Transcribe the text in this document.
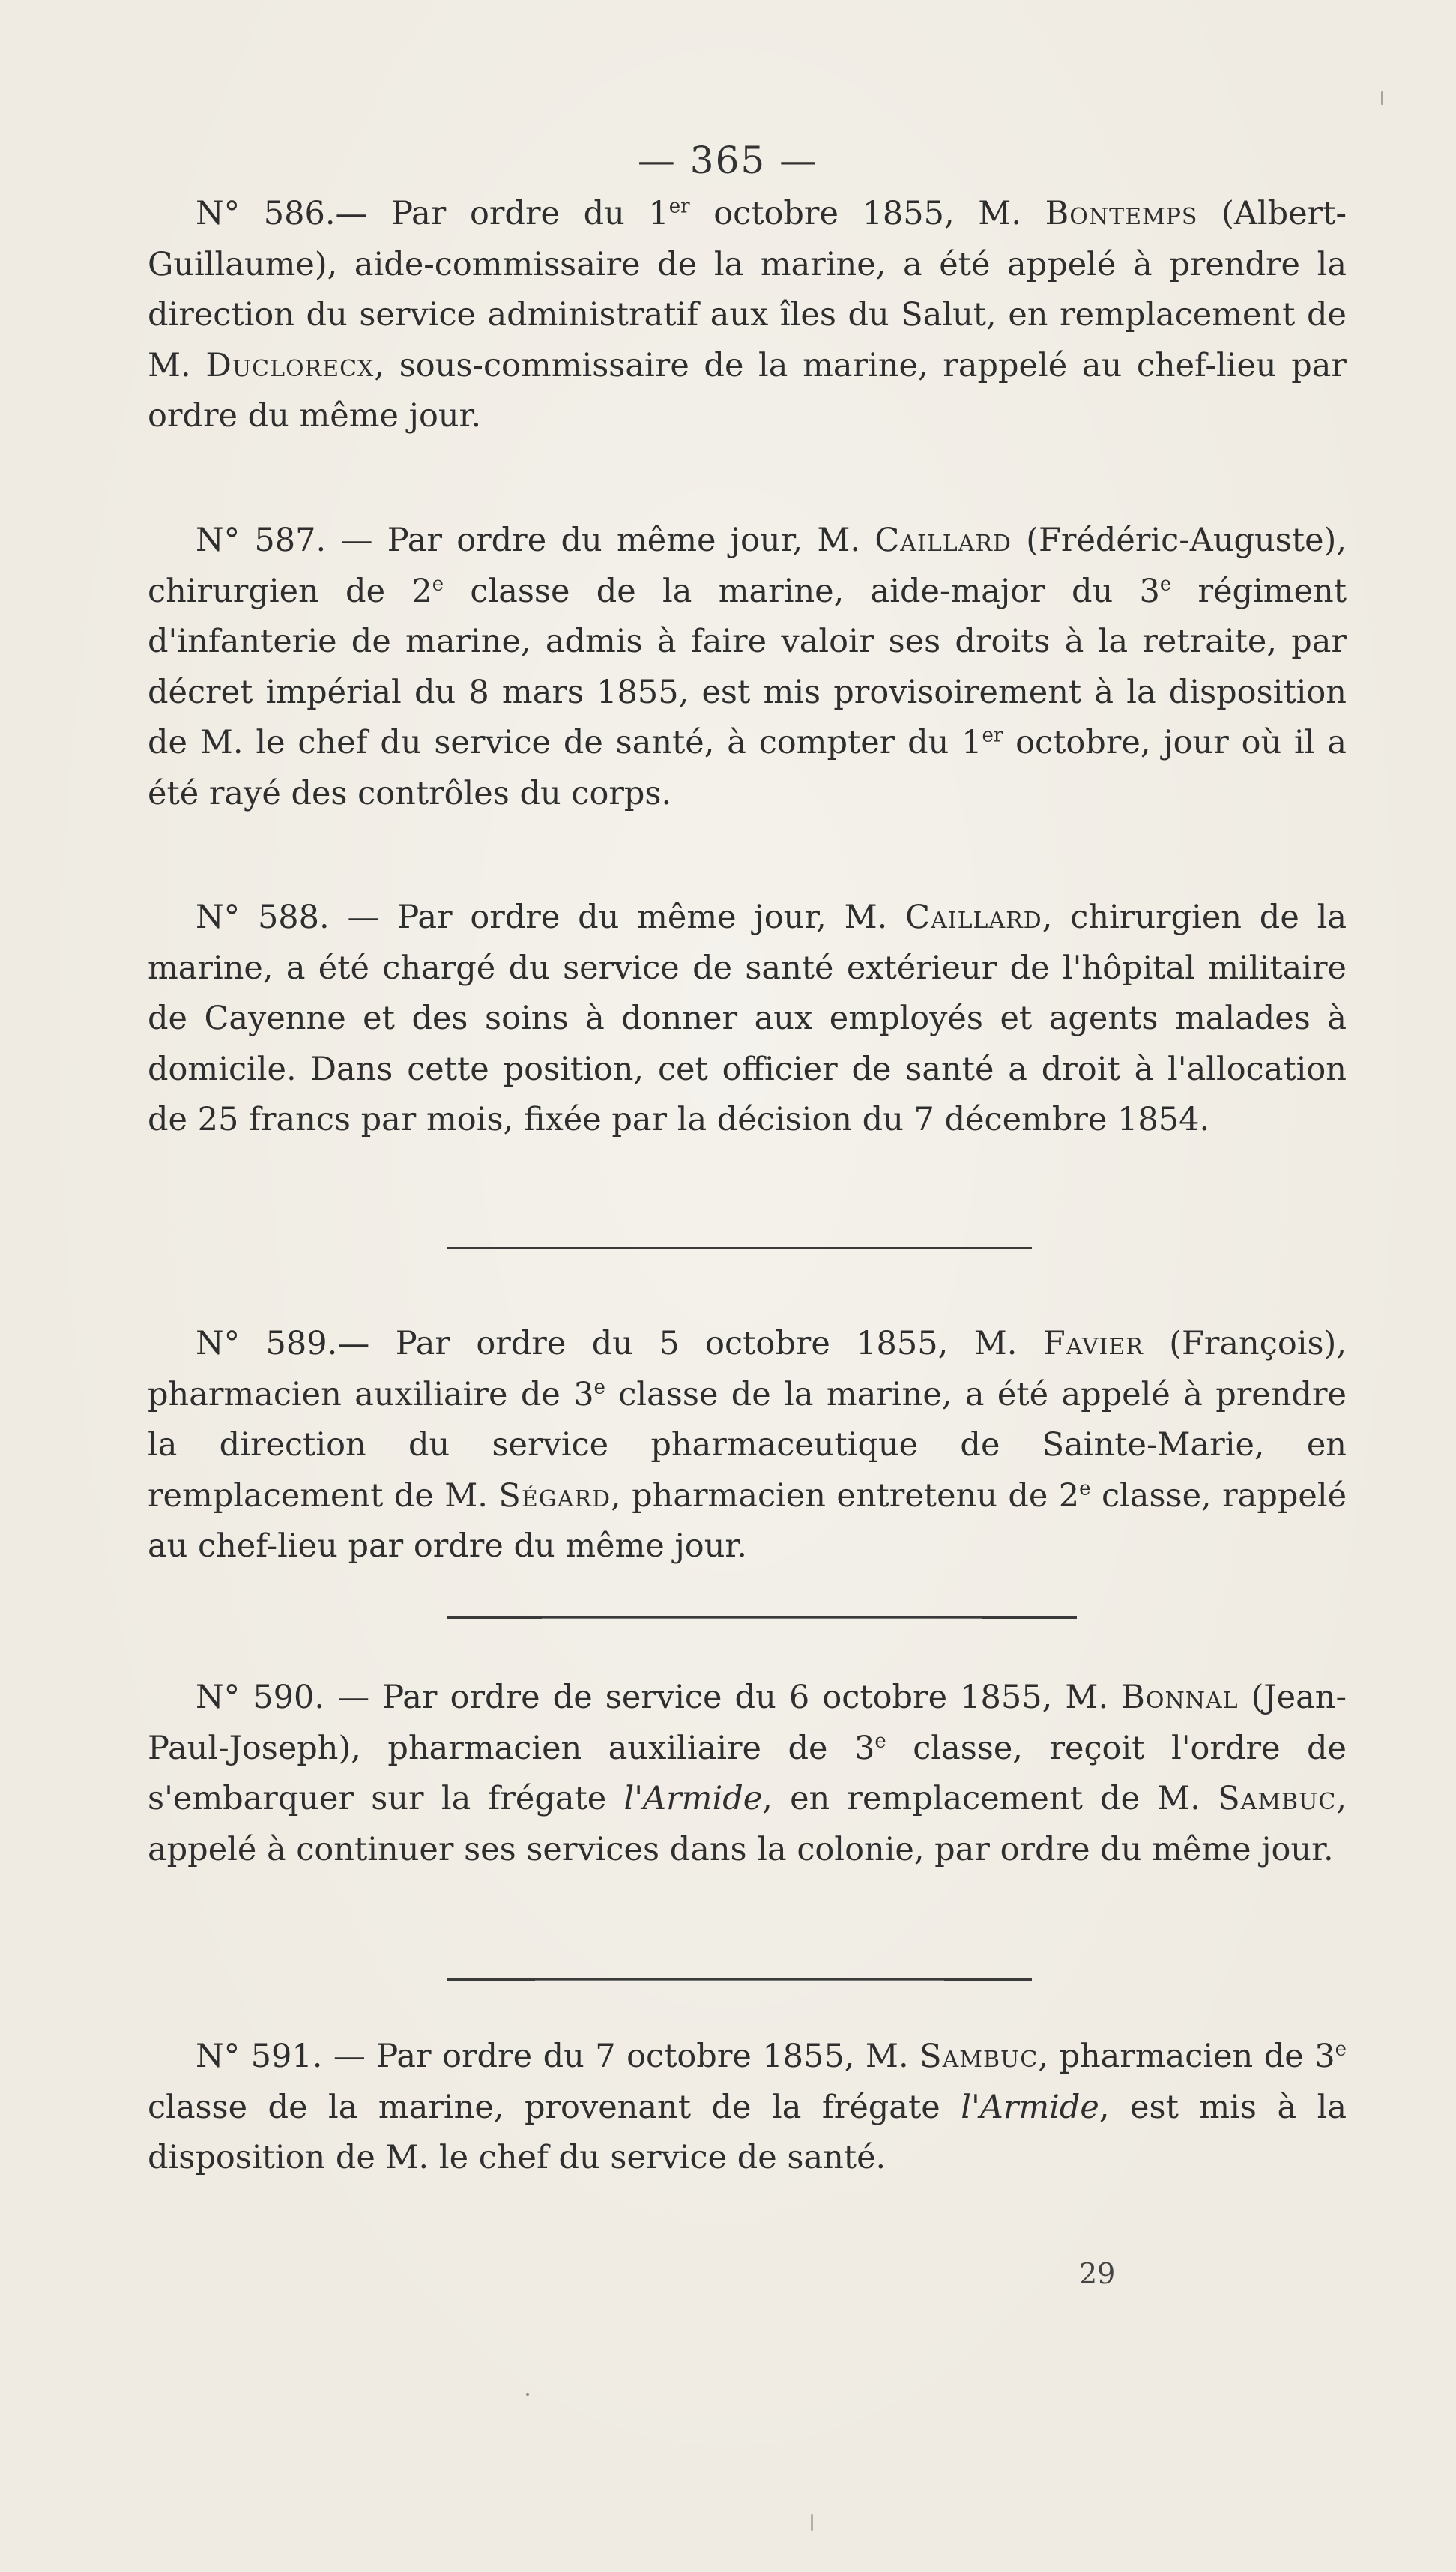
— 365 —

N° 586.— Par ordre du 1er octobre 1855, M. Bontemps (Albert-Guillaume), aide-commissaire de la marine, a été appelé à prendre la direction du service administratif aux îles du Salut, en remplacement de M. Duclorecx, sous-commissaire de la marine, rappelé au chef-lieu par ordre du même jour.

N° 587. — Par ordre du même jour, M. Caillard (Frédéric-Auguste), chirurgien de 2e classe de la marine, aide-major du 3e régiment d'infanterie de marine, admis à faire valoir ses droits à la retraite, par décret impérial du 8 mars 1855, est mis provisoirement à la disposition de M. le chef du service de santé, à compter du 1er octobre, jour où il a été rayé des contrôles du corps.

N° 588. — Par ordre du même jour, M. Caillard, chirurgien de la marine, a été chargé du service de santé extérieur de l'hôpital militaire de Cayenne et des soins à donner aux employés et agents malades à domicile. Dans cette position, cet officier de santé a droit à l'allocation de 25 francs par mois, fixée par la décision du 7 décembre 1854.

N° 589.— Par ordre du 5 octobre 1855, M. Favier (François), pharmacien auxiliaire de 3e classe de la marine, a été appelé à prendre la direction du service pharmaceutique de Sainte-Marie, en remplacement de M. Ségard, pharmacien entretenu de 2e classe, rappelé au chef-lieu par ordre du même jour.

N° 590. — Par ordre de service du 6 octobre 1855, M. Bonnal (Jean-Paul-Joseph), pharmacien auxiliaire de 3e classe, reçoit l'ordre de s'embarquer sur la frégate l'Armide, en remplacement de M. Sambuc, appelé à continuer ses services dans la colonie, par ordre du même jour.

N° 591. — Par ordre du 7 octobre 1855, M. Sambuc, pharmacien de 3e classe de la marine, provenant de la frégate l'Armide, est mis à la disposition de M. le chef du service de santé.

29
